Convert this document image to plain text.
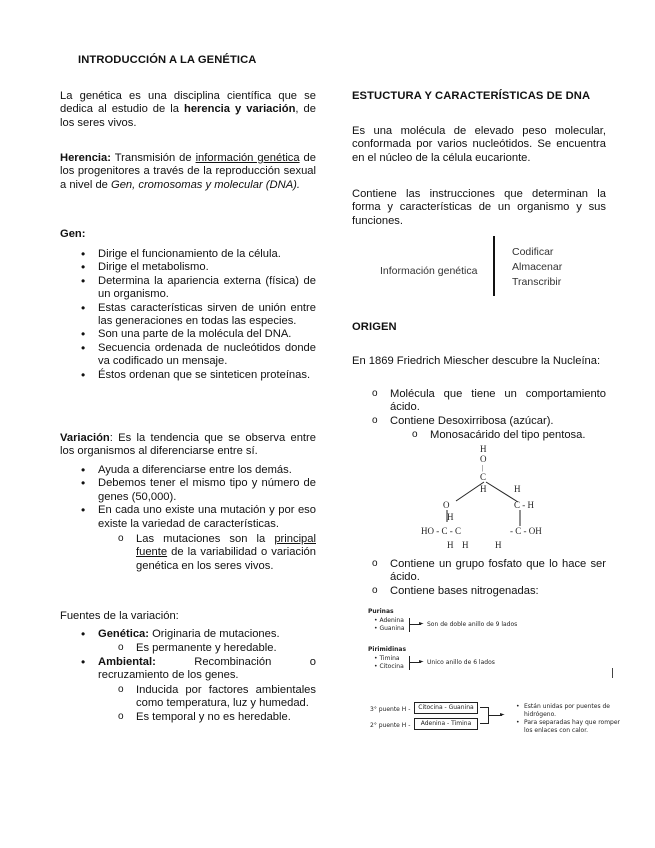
INTRODUCCIÓN A LA GENÉTICA

La genética es una disciplina científica que se dedica al estudio de la herencia y variación, de los seres vivos.

Herencia: Transmisión de información genética de los progenitores a través de la reproducción sexual a nivel de Gen, cromosomas y molecular (DNA).

Gen:

• Dirige el funcionamiento de la célula.
• Dirige el metabolismo.
• Determina la apariencia externa (física) de un organismo.
• Estas características sirven de unión entre las generaciones en todas las especies.
• Son una parte de la molécula del DNA.
• Secuencia ordenada de nucleótidos donde va codificado un mensaje.
• Éstos ordenan que se sinteticen proteínas.

Variación: Es la tendencia que se observa entre los organismos al diferenciarse entre sí.

• Ayuda a diferenciarse entre los demás.
• Debemos tener el mismo tipo y número de genes (50,000).
• En cada uno existe una mutación y por eso existe la variedad de características.
o Las mutaciones son la principal fuente de la variabilidad o variación genética en los seres vivos.

Fuentes de la variación:

• Genética: Originaria de mutaciones.
o Es permanente y heredable.
• Ambiental: Recombinación o recruzamiento de los genes.
o Inducida por factores ambientales como temperatura, luz y humedad.
o Es temporal y no es heredable.
ESTUCTURA Y CARACTERÍSTICAS DE DNA

Es una molécula de elevado peso molecular, conformada por varios nucleótidos. Se encuentra en el núcleo de la célula eucarionte.

Contiene las instrucciones que determinan la forma y características de un organismo y sus funciones.

Información genética
Codificar
Almacenar
Transcribir
ORIGEN

En 1869 Friedrich Miescher descubre la Nucleína:

o Molécula que tiene un comportamiento ácido.
o Contiene Desoxirribosa (azúcar).
o Monosacárido del tipo pentosa.
H
O
|
C
H	H
C - H
O
H
HO - C - C	- C - OH
H H	H
o Contiene un grupo fosfato que lo hace ser ácido.
o Contiene bases nitrogenadas:
Purinas
• Adenina
• Guanina
► Son de doble anillo de 9 lados
Pirimidinas
• Timina
• Citocina
► Unico anillo de 6 lados
3° puente H -	Citocina - Guanina
2° puente H -	Adenina - Timina
►
• Están unidas por puentes de hidrógeno.
• Para separadas hay que romper los enlaces con calor.
